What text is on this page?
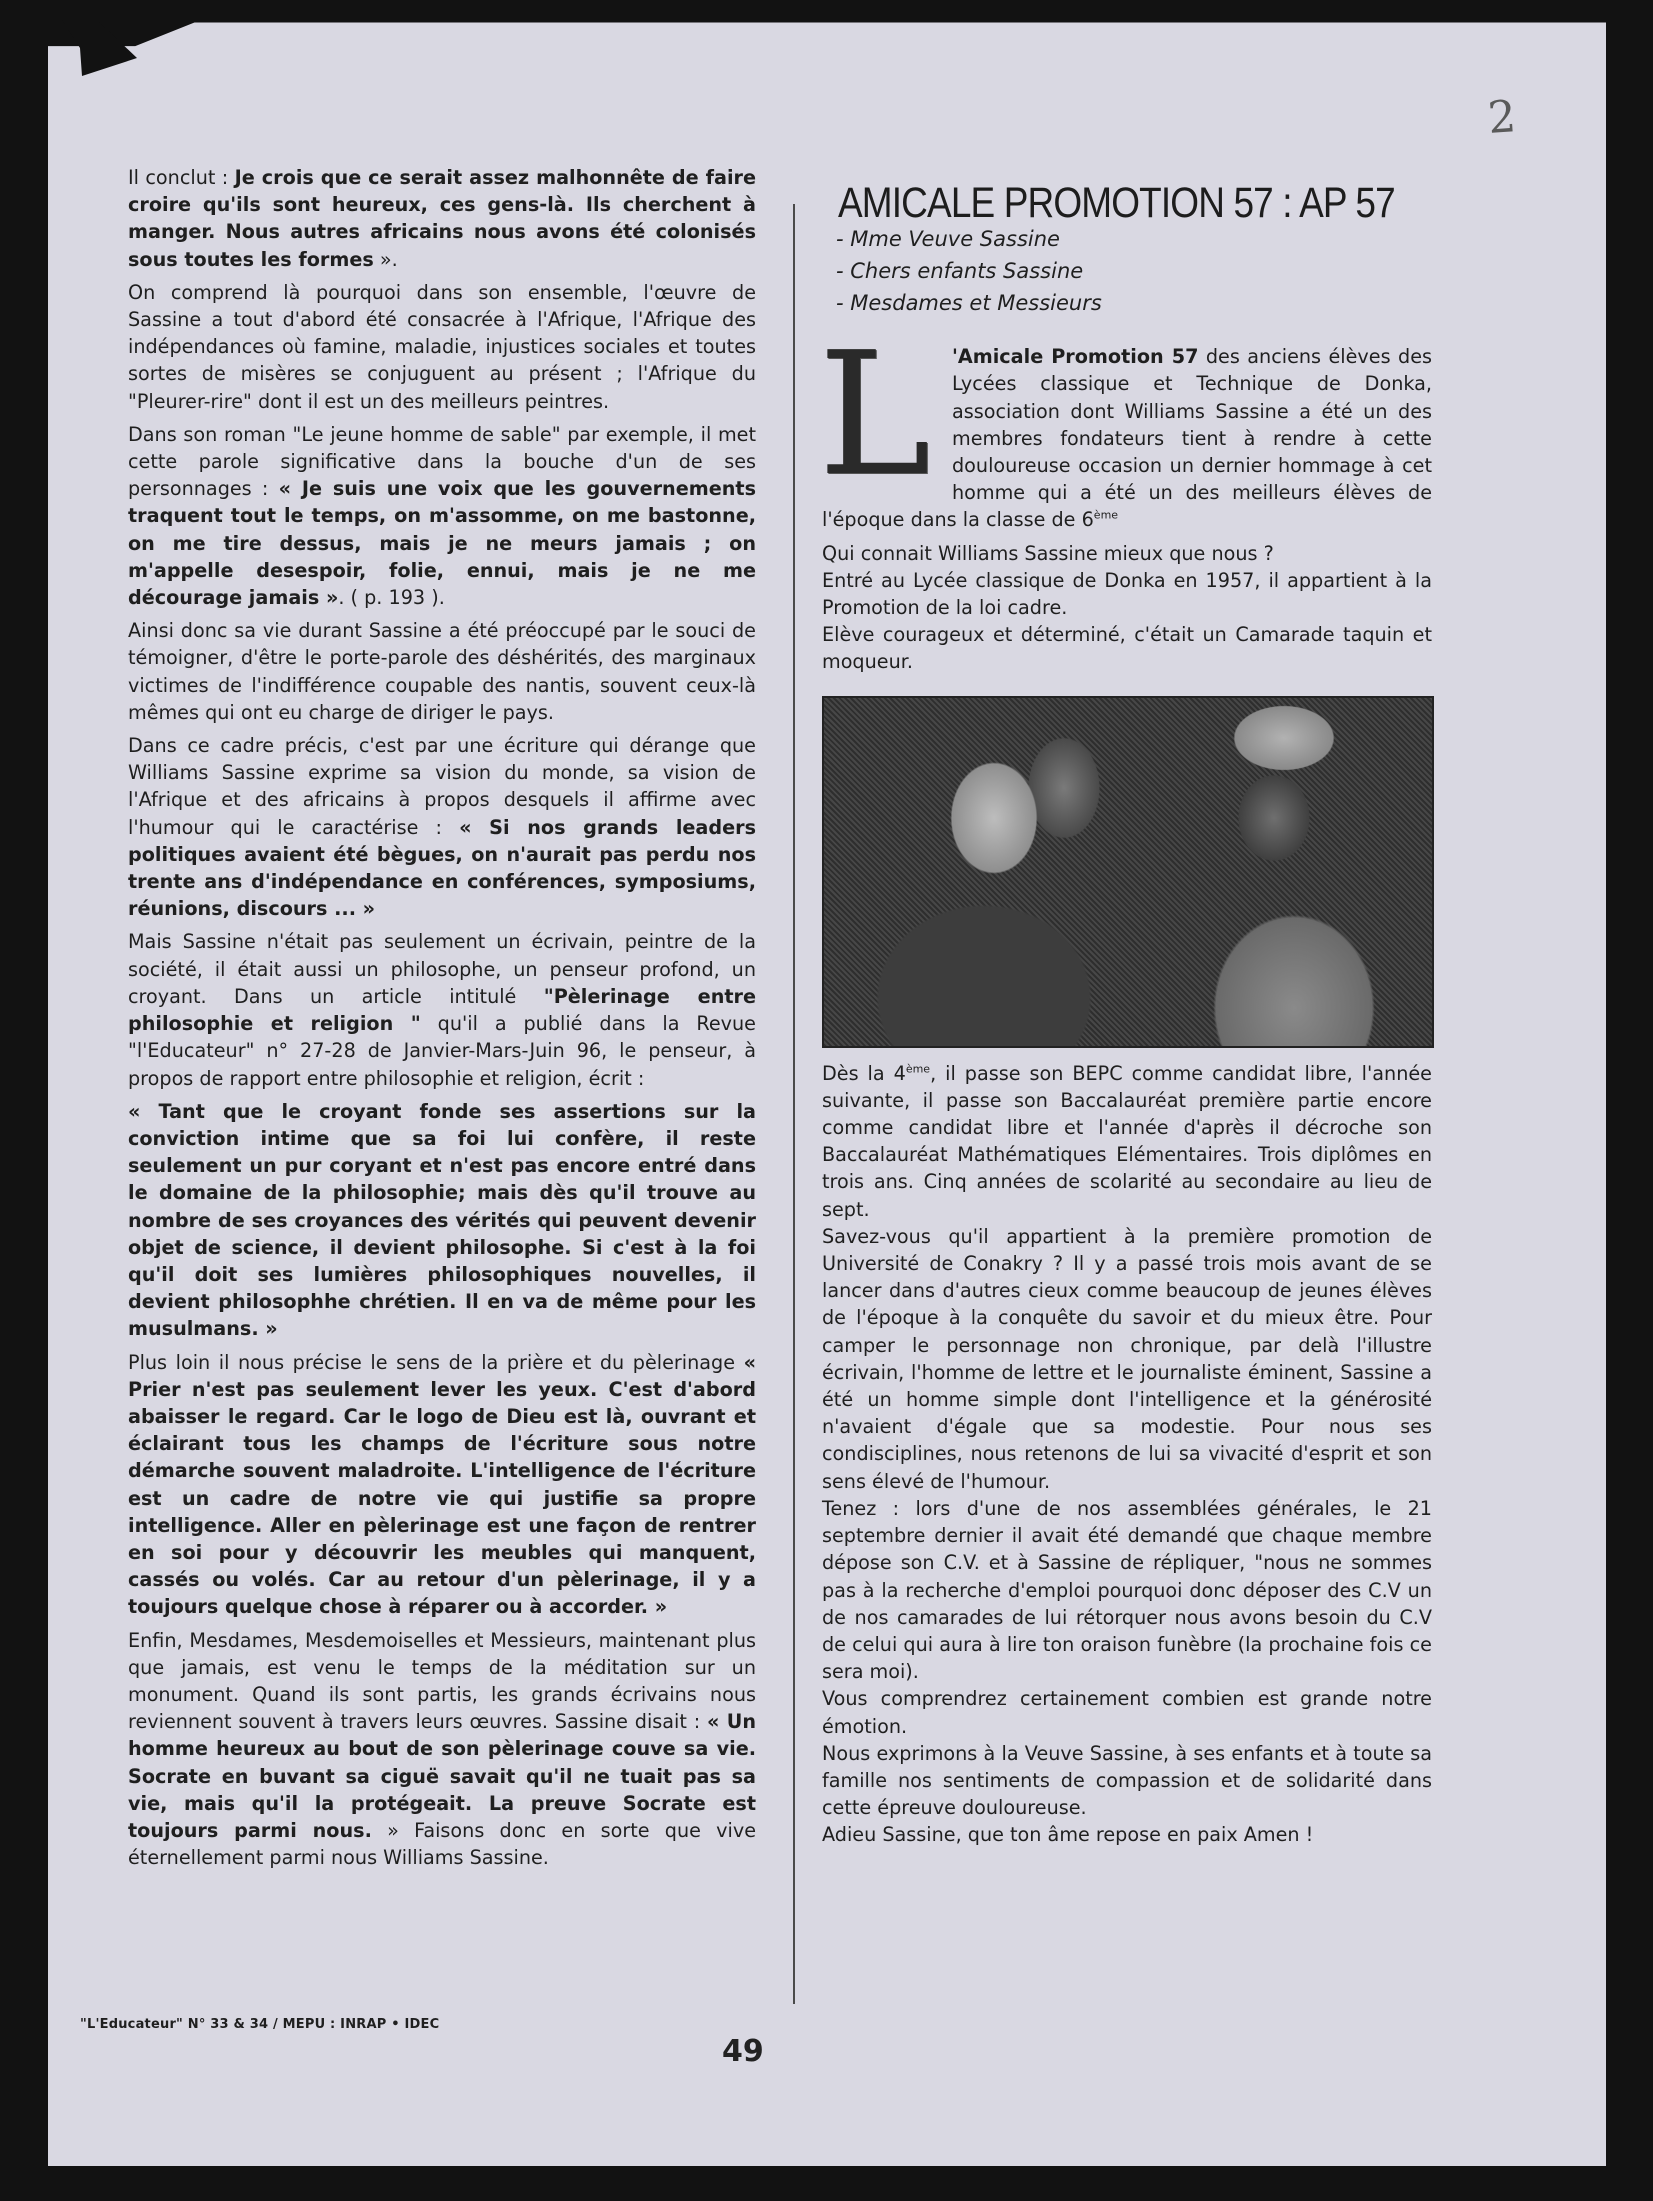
2

Il conclut : Je crois que ce serait assez malhonnête de faire croire qu'ils sont heureux, ces gens-là. Ils cherchent à manger. Nous autres africains nous avons été colonisés sous toutes les formes ».

On comprend là pourquoi dans son ensemble, l'œuvre de Sassine a tout d'abord été consacrée à l'Afrique, l'Afrique des indépendances où famine, maladie, injustices sociales et toutes sortes de misères se conjuguent au présent ; l'Afrique du "Pleurer-rire" dont il est un des meilleurs peintres.

Dans son roman "Le jeune homme de sable" par exemple, il met cette parole significative dans la bouche d'un de ses personnages : « Je suis une voix que les gouvernements traquent tout le temps, on m'assomme, on me bastonne, on me tire dessus, mais je ne meurs jamais ; on m'appelle desespoir, folie, ennui, mais je ne me décourage jamais ». ( p. 193 ).

Ainsi donc sa vie durant Sassine a été préoccupé par le souci de témoigner, d'être le porte-parole des déshérités, des marginaux victimes de l'indifférence coupable des nantis, souvent ceux-là mêmes qui ont eu charge de diriger le pays.

Dans ce cadre précis, c'est par une écriture qui dérange que Williams Sassine exprime sa vision du monde, sa vision de l'Afrique et des africains à propos desquels il affirme avec l'humour qui le caractérise : « Si nos grands leaders politiques avaient été bègues, on n'aurait pas perdu nos trente ans d'indépendance en conférences, symposiums, réunions, discours ... »

Mais Sassine n'était pas seulement un écrivain, peintre de la société, il était aussi un philosophe, un penseur profond, un croyant. Dans un article intitulé "Pèlerinage entre philosophie et religion " qu'il a publié dans la Revue "l'Educateur" n° 27-28 de Janvier-Mars-Juin 96, le penseur, à propos de rapport entre philosophie et religion, écrit :

« Tant que le croyant fonde ses assertions sur la conviction intime que sa foi lui confère, il reste seulement un pur coryant et n'est pas encore entré dans le domaine de la philosophie; mais dès qu'il trouve au nombre de ses croyances des vérités qui peuvent devenir objet de science, il devient philosophe. Si c'est à la foi qu'il doit ses lumières philosophiques nouvelles, il devient philosophhe chrétien. Il en va de même pour les musulmans. »

Plus loin il nous précise le sens de la prière et du pèlerinage « Prier n'est pas seulement lever les yeux. C'est d'abord abaisser le regard. Car le logo de Dieu est là, ouvrant et éclairant tous les champs de l'écriture sous notre démarche souvent maladroite. L'intelligence de l'écriture est un cadre de notre vie qui justifie sa propre intelligence. Aller en pèlerinage est une façon de rentrer en soi pour y découvrir les meubles qui manquent, cassés ou volés. Car au retour d'un pèlerinage, il y a toujours quelque chose à réparer ou à accorder. »

Enfin, Mesdames, Mesdemoiselles et Messieurs, maintenant plus que jamais, est venu le temps de la méditation sur un monument. Quand ils sont partis, les grands écrivains nous reviennent souvent à travers leurs œuvres. Sassine disait : « Un homme heureux au bout de son pèlerinage couve sa vie. Socrate en buvant sa ciguë savait qu'il ne tuait pas sa vie, mais qu'il la protégeait. La preuve Socrate est toujours parmi nous. » Faisons donc en sorte que vive éternellement parmi nous Williams Sassine.

AMICALE PROMOTION 57 : AP 57
- Mme Veuve Sassine
- Chers enfants Sassine
- Mesdames et Messieurs

L	'Amicale Promotion 57 des anciens élèves des Lycées classique et Technique de Donka, association dont Williams Sassine a été un des membres fondateurs tient à rendre à cette douloureuse occasion un dernier hommage à cet homme qui a été un des meilleurs élèves de l'époque dans la classe de 6ème

Qui connait Williams Sassine mieux que nous ?

Entré au Lycée classique de Donka en 1957, il appartient à la Promotion de la loi cadre.

Elève courageux et déterminé, c'était un Camarade taquin et moqueur.

Dès la 4ème, il passe son BEPC comme candidat libre, l'année suivante, il passe son Baccalauréat première partie encore comme candidat libre et l'année d'après il décroche son Baccalauréat Mathématiques Elémentaires. Trois diplômes en trois ans. Cinq années de scolarité au secondaire au lieu de sept.

Savez-vous qu'il appartient à la première promotion de Université de Conakry ? Il y a passé trois mois avant de se lancer dans d'autres cieux comme beaucoup de jeunes élèves de l'époque à la conquête du savoir et du mieux être. Pour camper le personnage non chronique, par delà l'illustre écrivain, l'homme de lettre et le journaliste éminent, Sassine a été un homme simple dont l'intelligence et la générosité n'avaient d'égale que sa modestie. Pour nous ses condisciplines, nous retenons de lui sa vivacité d'esprit et son sens élevé de l'humour.

Tenez : lors d'une de nos assemblées générales, le 21 septembre dernier il avait été demandé que chaque membre dépose son C.V. et à Sassine de répliquer, "nous ne sommes pas à la recherche d'emploi pourquoi donc déposer des C.V un de nos camarades de lui rétorquer nous avons besoin du C.V de celui qui aura à lire ton oraison funèbre (la prochaine fois ce sera moi).

Vous comprendrez certainement combien est grande notre émotion.

Nous exprimons à la Veuve Sassine, à ses enfants et à toute sa famille nos sentiments de compassion et de solidarité dans cette épreuve douloureuse.

Adieu Sassine, que ton âme repose en paix Amen !

"L'Educateur" N° 33 & 34 / MEPU : INRAP • IDEC
49
